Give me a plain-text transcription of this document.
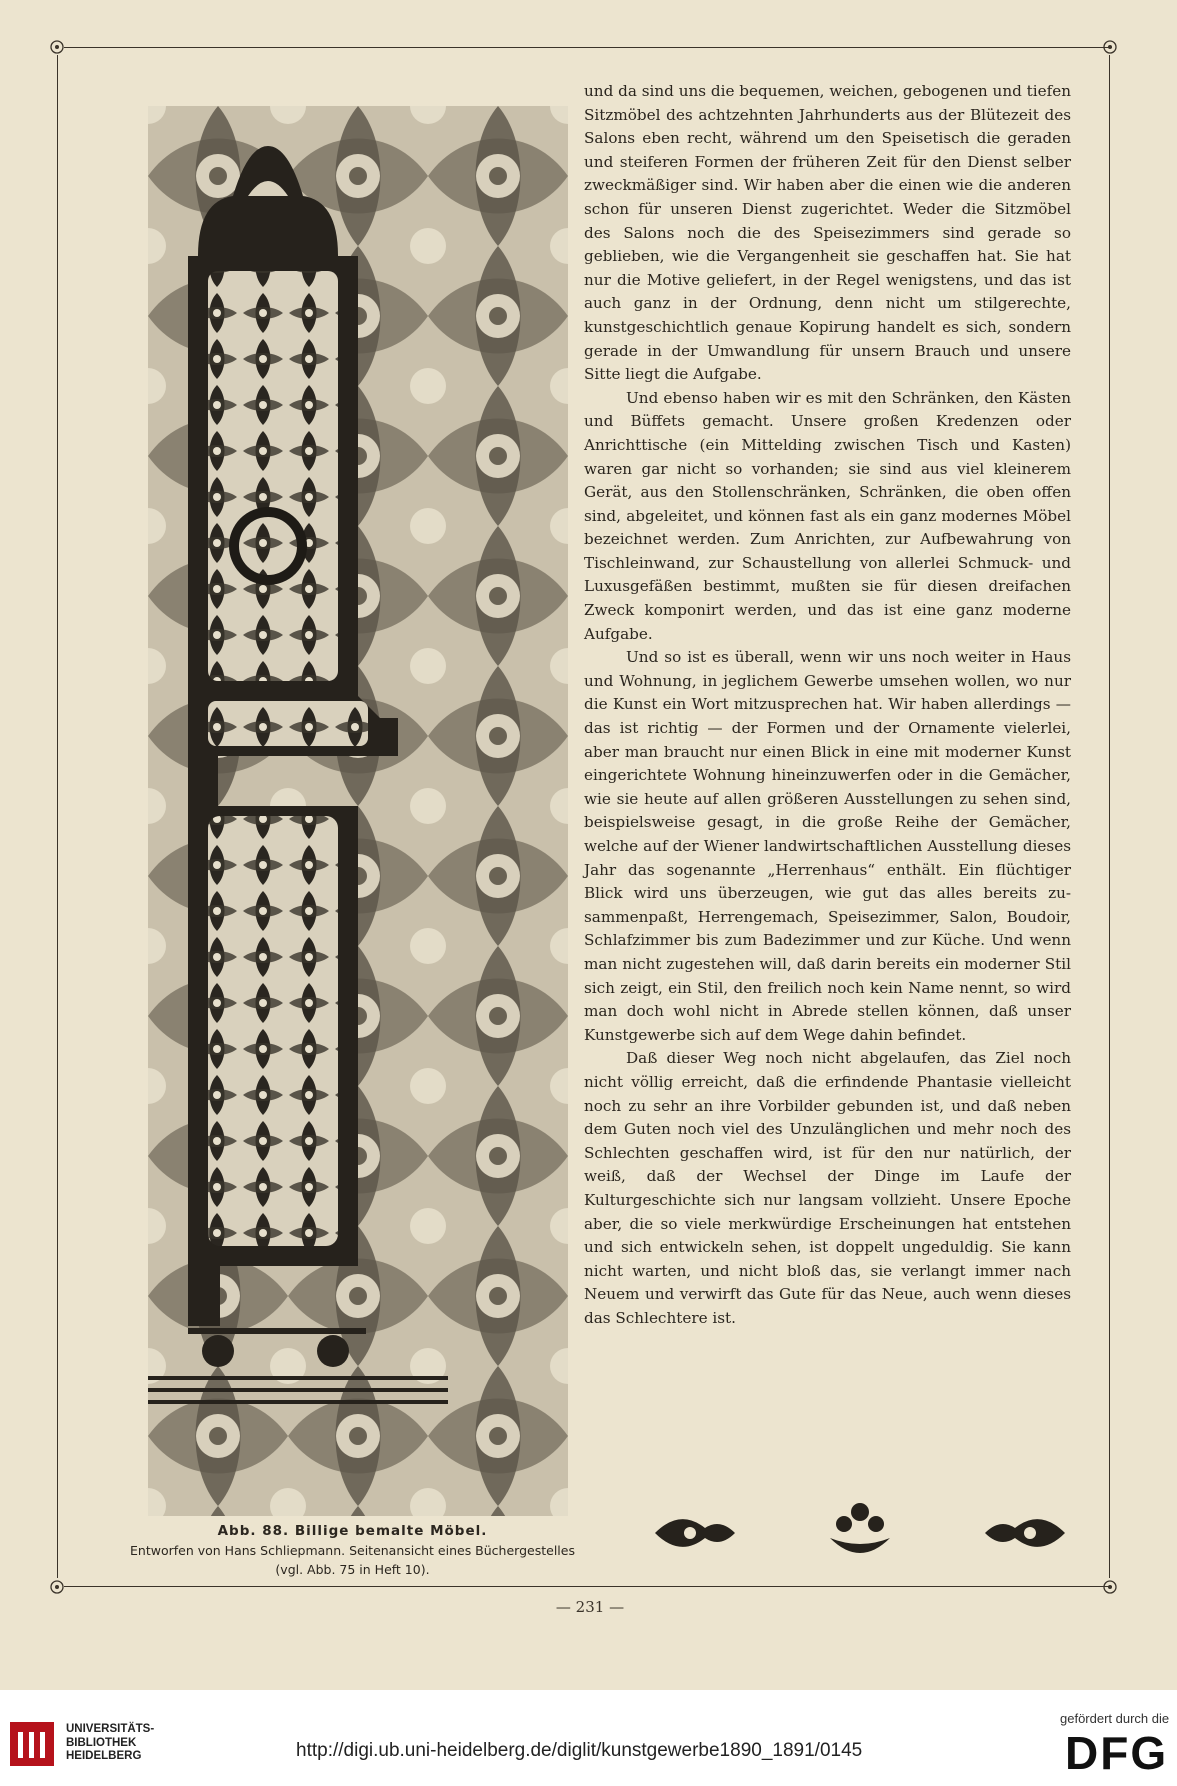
Abb. 88. Billige bemalte Möbel.
Entworfen von Hans Schliepmann. Seitenansicht eines Büchergestelles
(vgl. Abb. 75 in Heft 10).

und da sind uns die bequemen, weichen, gebogenen und tiefen Sitzmöbel des achtzehnten Jahrhunderts aus der Blütezeit des Salons eben recht, während um den Speisetisch die geraden und steiferen Formen der früheren Zeit für den Dienst selber zweckmäßiger sind. Wir haben aber die einen wie die anderen schon für unseren Dienst zugerichtet. Weder die Sitzmöbel des Salons noch die des Speisezimmers sind gerade so geblieben, wie die Vergangenheit sie geschaffen hat. Sie hat nur die Motive geliefert, in der Regel wenigstens, und das ist auch ganz in der Ordnung, denn nicht um stilgerechte, kunstgeschichtlich genaue Kopirung handelt es sich, sondern gerade in der Umwandlung für unsern Brauch und unsere Sitte liegt die Aufgabe.

Und ebenso haben wir es mit den Schränken, den Kästen und Büffets gemacht. Unsere großen Kredenzen oder Anrichttische (ein Mittelding zwischen Tisch und Kasten) waren gar nicht so vorhanden; sie sind aus viel kleinerem Gerät, aus den Stollenschränken, Schränken, die oben offen sind, abgeleitet, und können fast als ein ganz modernes Möbel bezeichnet werden. Zum Anrichten, zur Aufbewahrung von Tischleinwand, zur Schaustellung von allerlei Schmuck- und Luxusgefäßen bestimmt, mußten sie für diesen dreifachen Zweck komponirt werden, und das ist eine ganz moderne Aufgabe.

Und so ist es überall, wenn wir uns noch weiter in Haus und Wohnung, in jeglichem Gewerbe umsehen wollen, wo nur die Kunst ein Wort mitzusprechen hat. Wir haben allerdings — das ist richtig — der Formen und der Ornamente vielerlei, aber man braucht nur einen Blick in eine mit moderner Kunst eingerichtete Wohnung hineinzuwerfen oder in die Gemächer, wie sie heute auf allen größeren Ausstellungen zu sehen sind, beispielsweise gesagt, in die große Reihe der Gemächer, welche auf der Wiener landwirtschaftlichen Ausstellung dieses Jahr das sogenannte „Herrenhaus“ enthält. Ein flüchtiger Blick wird uns überzeugen, wie gut das alles bereits zusammenpaßt, Herrengemach, Speisezimmer, Salon, Boudoir, Schlafzimmer bis zum Badezimmer und zur Küche. Und wenn man nicht zugestehen will, daß darin bereits ein moderner Stil sich zeigt, ein Stil, den freilich noch kein Name nennt, so wird man doch wohl nicht in Abrede stellen können, daß unser Kunstgewerbe sich auf dem Wege dahin befindet.

Daß dieser Weg noch nicht abgelaufen, das Ziel noch nicht völlig erreicht, daß die erfindende Phantasie vielleicht noch zu sehr an ihre Vorbilder gebunden ist, und daß neben dem Guten noch viel des Unzulänglichen und mehr noch des Schlechten geschaffen wird, ist für den nur natürlich, der weiß, daß der Wechsel der Dinge im Laufe der Kulturgeschichte sich nur langsam vollzieht. Unsere Epoche aber, die so viele merkwürdige Erscheinungen hat entstehen und sich entwickeln sehen, ist doppelt ungeduldig. Sie kann nicht warten, und nicht bloß das, sie verlangt immer nach Neuem und verwirft das Gute für das Neue, auch wenn dieses das Schlechtere ist.

— 231 —
UNIVERSITÄTS-
BIBLIOTHEK
HEIDELBERG	http://digi.ub.uni-heidelberg.de/diglit/kunstgewerbe1890_1891/0145
gefördert durch die
DFG
